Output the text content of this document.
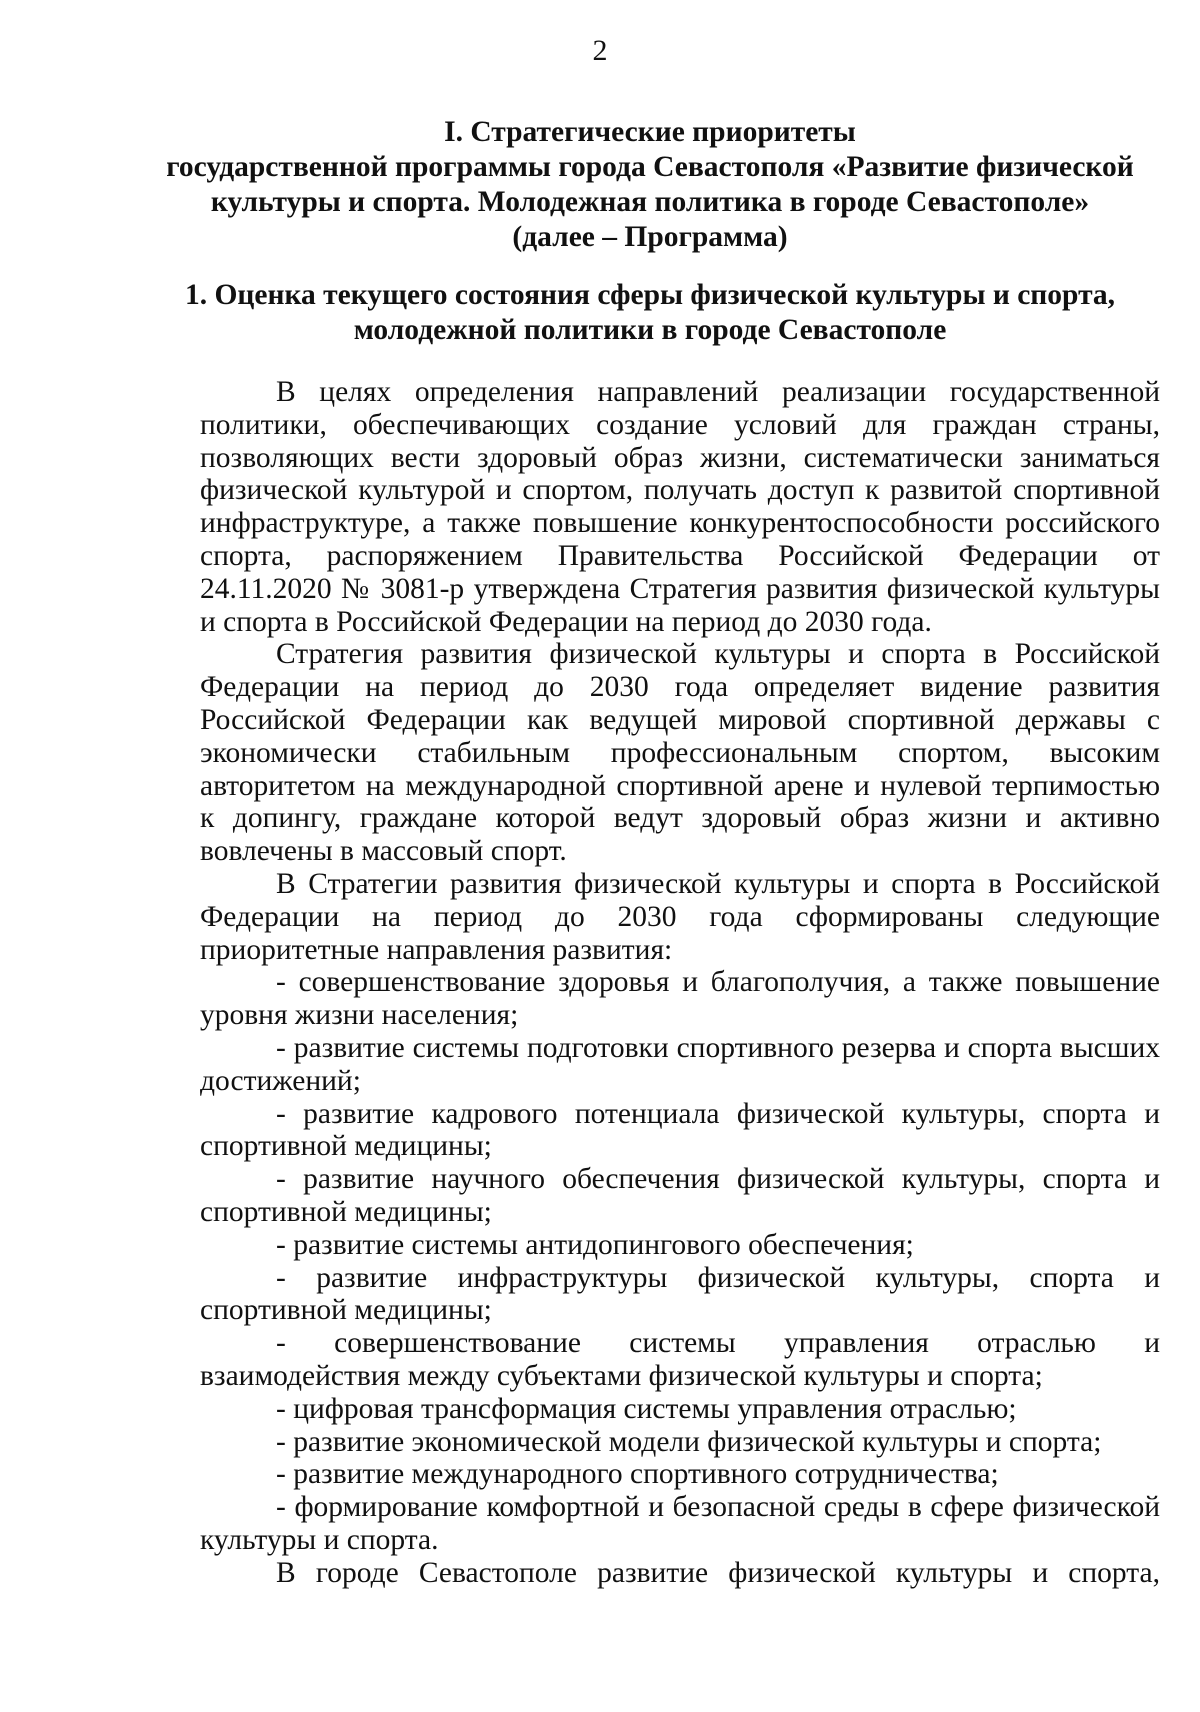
2
I. Стратегические приоритеты
государственной программы города Севастополя «Развитие физической
культуры и спорта. Молодежная политика в городе Севастополе»
(далее – Программа)
1. Оценка текущего состояния сферы физической культуры и спорта,
молодежной политики в городе Севастополе

В целях определения направлений реализации государственной политики, обеспечивающих создание условий для граждан страны, позволяющих вести здоровый образ жизни, систематически заниматься физической культурой и спортом, получать доступ к развитой спортивной инфраструктуре, а также повышение конкурентоспособности российского спорта, распоряжением Правительства Российской Федерации от 24.11.2020 № 3081-р утверждена Стратегия развития физической культуры и спорта в Российской Федерации на период до 2030 года.

Стратегия развития физической культуры и спорта в Российской Федерации на период до 2030 года определяет видение развития Российской Федерации как ведущей мировой спортивной державы с экономически стабильным профессиональным спортом, высоким авторитетом на международной спортивной арене и нулевой терпимостью к допингу, граждане которой ведут здоровый образ жизни и активно вовлечены в массовый спорт.

В Стратегии развития физической культуры и спорта в Российской Федерации на период до 2030 года сформированы следующие приоритетные направления развития:

- совершенствование здоровья и благополучия, а также повышение уровня жизни населения;

- развитие системы подготовки спортивного резерва и спорта высших достижений;

- развитие кадрового потенциала физической культуры, спорта и спортивной медицины;

- развитие научного обеспечения физической культуры, спорта и спортивной медицины;

- развитие системы антидопингового обеспечения;

- развитие инфраструктуры физической культуры, спорта и спортивной медицины;

- совершенствование системы управления отраслью и взаимодействия между субъектами физической культуры и спорта;

- цифровая трансформация системы управления отраслью;

- развитие экономической модели физической культуры и спорта;

- развитие международного спортивного сотрудничества;

- формирование комфортной и безопасной среды в сфере физической культуры и спорта.

В городе Севастополе развитие физической культуры и спорта,
